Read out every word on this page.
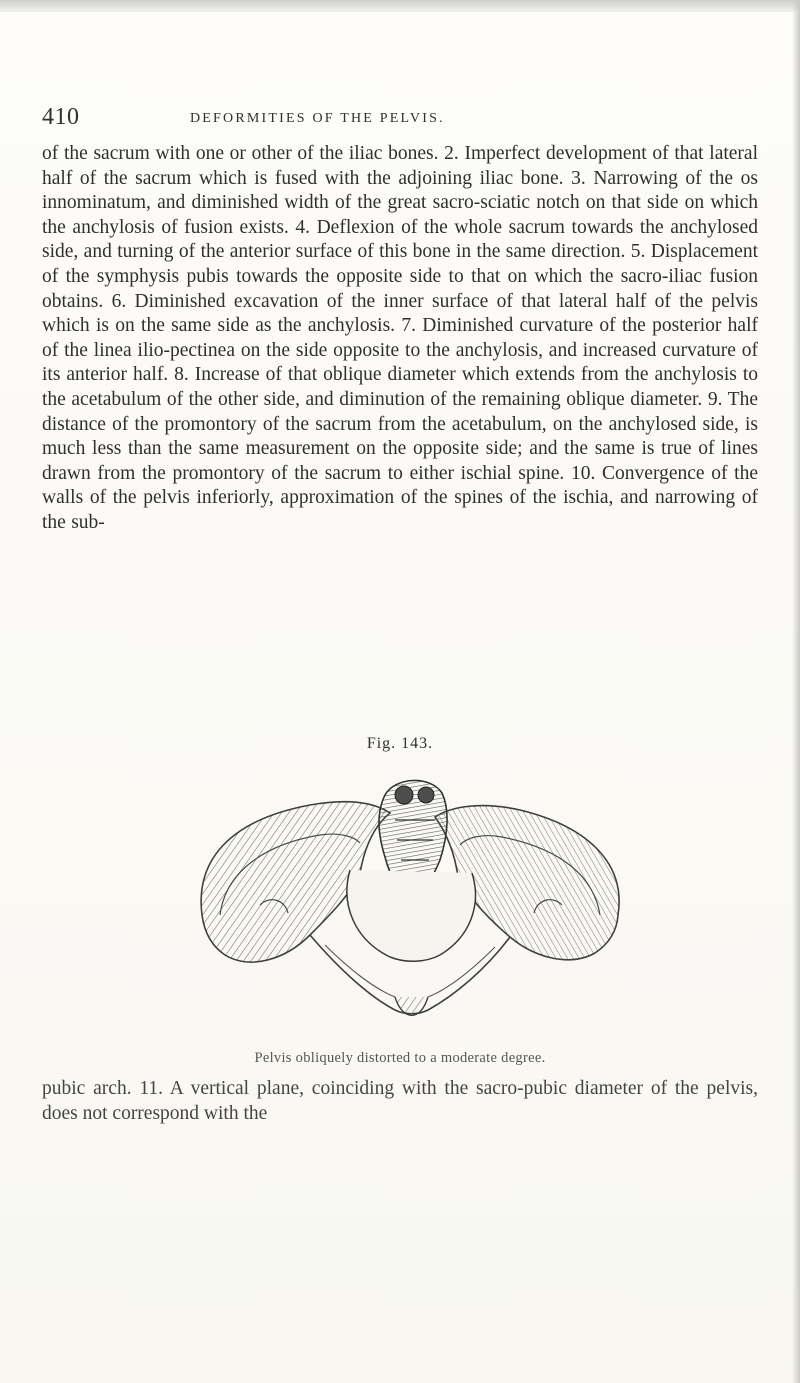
410	DEFORMITIES OF THE PELVIS.

of the sacrum with one or other of the iliac bones. 2. Imperfect development of that lateral half of the sacrum which is fused with the adjoining iliac bone. 3. Narrowing of the os innominatum, and diminished width of the great sacro-sciatic notch on that side on which the anchylosis of fusion exists. 4. Deflexion of the whole sacrum towards the anchylosed side, and turning of the anterior surface of this bone in the same direction. 5. Displacement of the symphysis pubis towards the opposite side to that on which the sacro-iliac fusion obtains. 6. Diminished excavation of the inner surface of that lateral half of the pelvis which is on the same side as the anchylosis. 7. Diminished curvature of the posterior half of the linea ilio-pectinea on the side opposite to the anchylosis, and increased curvature of its anterior half. 8. Increase of that oblique diameter which extends from the anchylosis to the acetabulum of the other side, and diminution of the remaining oblique diameter. 9. The distance of the promontory of the sacrum from the acetabulum, on the anchylosed side, is much less than the same measurement on the opposite side; and the same is true of lines drawn from the promontory of the sacrum to either ischial spine. 10. Convergence of the walls of the pelvis inferiorly, approximation of the spines of the ischia, and narrowing of the sub-

Fig. 143.
Pelvis obliquely distorted to a moderate degree.

pubic arch. 11. A vertical plane, coinciding with the sacro-pubic diameter of the pelvis, does not correspond with the
